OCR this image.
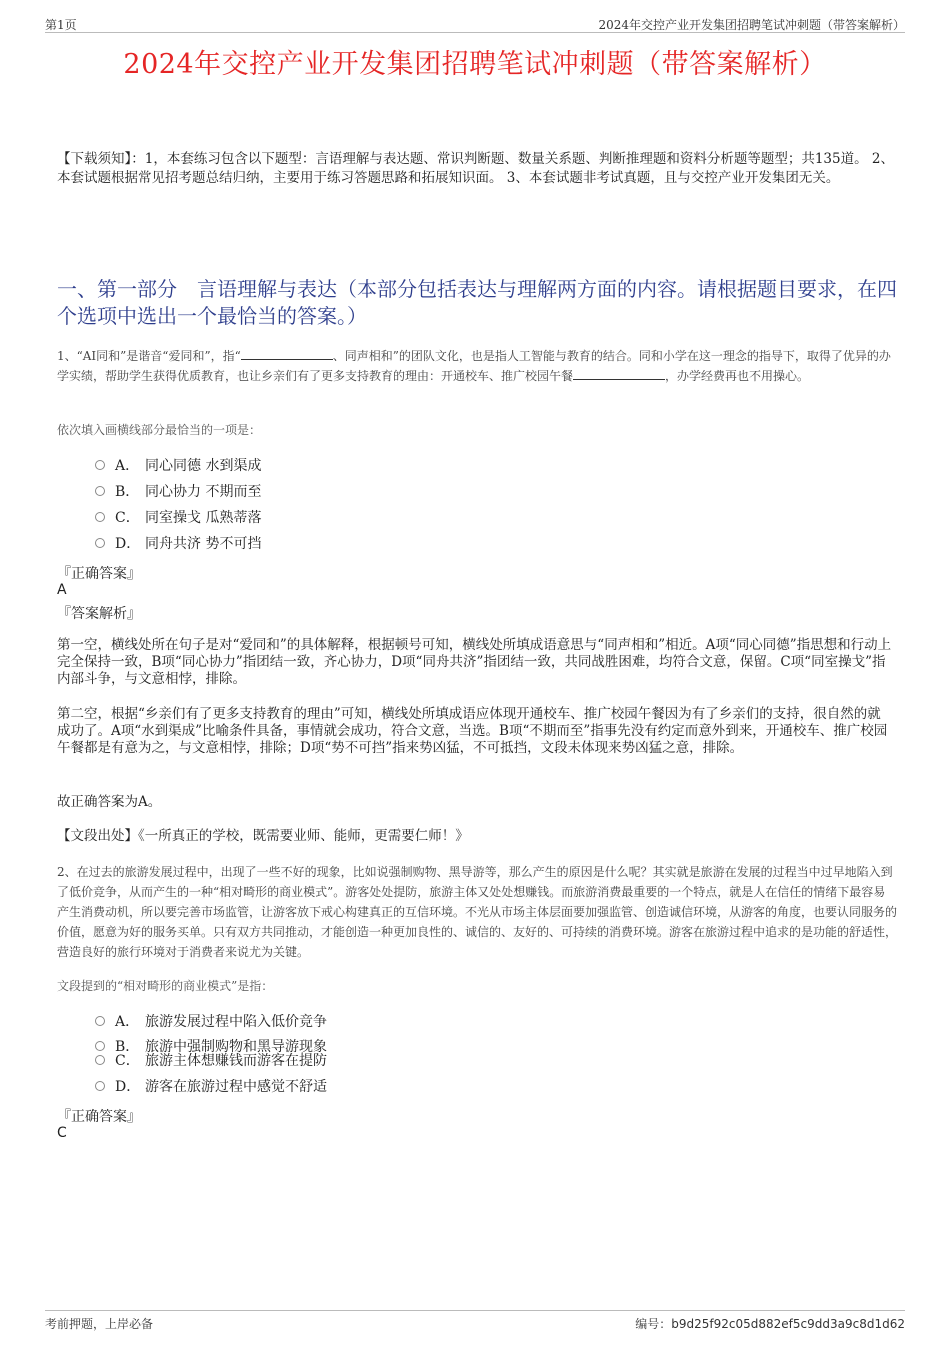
第1页	2024年交控产业开发集团招聘笔试冲刺题（带答案解析）
2024年交控产业开发集团招聘笔试冲刺题（带答案解析）
【下载须知】：1，本套练习包含以下题型：言语理解与表达题、常识判断题、数量关系题、判断推理题和资料分析题等题型；共135道。 2、本套试题根据常见招考题总结归纳，主要用于练习答题思路和拓展知识面。 3、本套试题非考试真题，且与交控产业开发集团无关。
一、第一部分　言语理解与表达（本部分包括表达与理解两方面的内容。请根据题目要求，在四个选项中选出一个最恰当的答案。）
1、“AI同和”是谐音“爱同和”，指“	、同声相和”的团队文化，也是指人工智能与教育的结合。同和小学在这一理念的指导下，取得了优异的办学实绩，帮助学生获得优质教育，也让乡亲们有了更多支持教育的理由：开通校车、推广校园午餐	，办学经费再也不用操心。
依次填入画横线部分最恰当的一项是：
A． 同心同德 水到渠成
B． 同心协力 不期而至
C． 同室操戈 瓜熟蒂落
D． 同舟共济 势不可挡
『正确答案』
A
『答案解析』
第一空，横线处所在句子是对“爱同和”的具体解释，根据顿号可知，横线处所填成语意思与“同声相和”相近。A项“同心同德”指思想和行动上完全保持一致，B项“同心协力”指团结一致，齐心协力，D项“同舟共济”指团结一致，共同战胜困难，均符合文意，保留。C项“同室操戈”指内部斗争，与文意相悖，排除。
第二空，根据“乡亲们有了更多支持教育的理由”可知，横线处所填成语应体现开通校车、推广校园午餐因为有了乡亲们的支持，很自然的就成功了。A项“水到渠成”比喻条件具备，事情就会成功，符合文意，当选。B项“不期而至”指事先没有约定而意外到来，开通校车、推广校园午餐都是有意为之，与文意相悖，排除；D项“势不可挡”指来势凶猛，不可抵挡，文段未体现来势凶猛之意，排除。
故正确答案为A。
【文段出处】《一所真正的学校，既需要业师、能师，更需要仁师！》
2、在过去的旅游发展过程中，出现了一些不好的现象，比如说强制购物、黑导游等，那么产生的原因是什么呢？其实就是旅游在发展的过程当中过早地陷入到了低价竞争，从而产生的一种“相对畸形的商业模式”。游客处处提防，旅游主体又处处想赚钱。而旅游消费最重要的一个特点，就是人在信任的情绪下最容易产生消费动机，所以要完善市场监管，让游客放下戒心构建真正的互信环境。不光从市场主体层面要加强监管、创造诚信环境，从游客的角度，也要认同服务的价值，愿意为好的服务买单。只有双方共同推动，才能创造一种更加良性的、诚信的、友好的、可持续的消费环境。游客在旅游过程中追求的是功能的舒适性，营造良好的旅行环境对于消费者来说尤为关键。
文段提到的“相对畸形的商业模式”是指：
A． 旅游发展过程中陷入低价竞争
B． 旅游中强制购物和黑导游现象
C． 旅游主体想赚钱而游客在提防
D． 游客在旅游过程中感觉不舒适
『正确答案』
C
考前押题，上岸必备	编号：b9d25f92c05d882ef5c9dd3a9c8d1d62
